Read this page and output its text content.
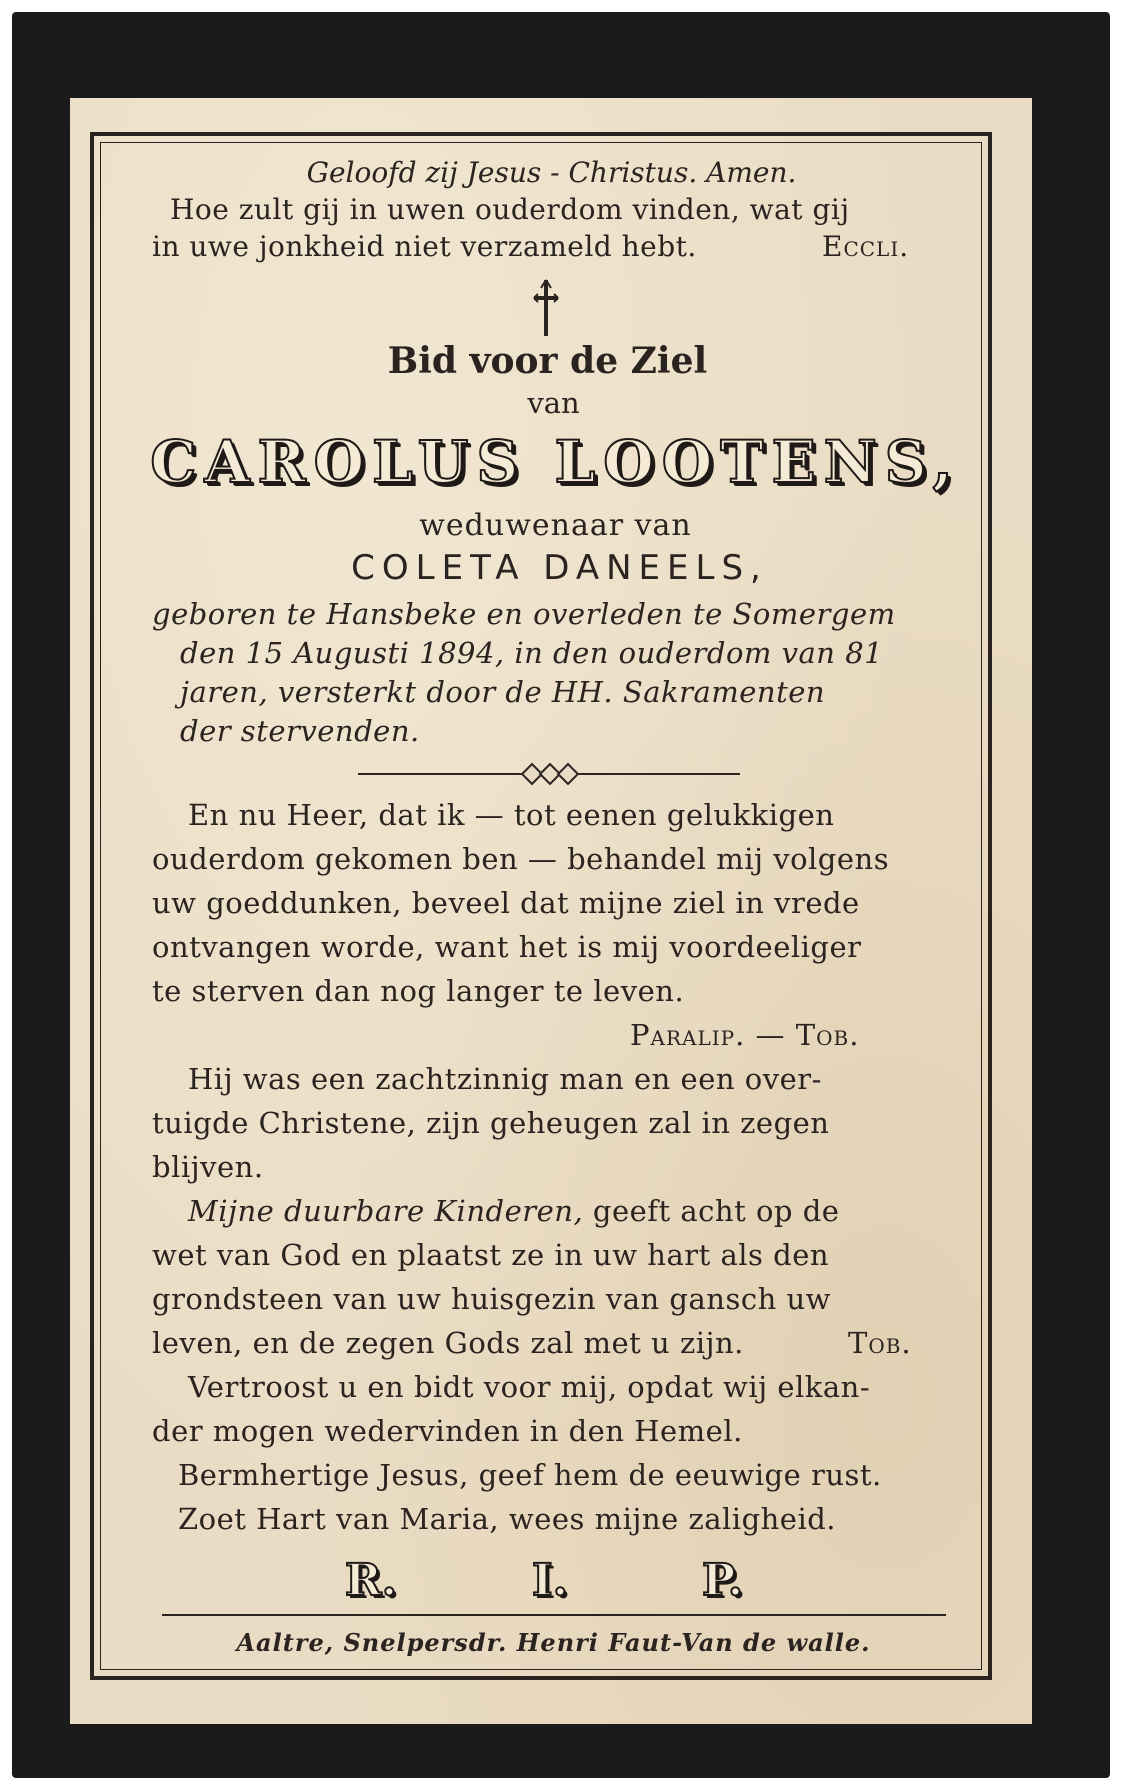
Geloofd zij Jesus - Christus. Amen.
Hoe zult gij in uwen ouderdom vinden, wat gij
in uwe jonkheid niet verzameld hebt.	Eccli.
Bid voor de Ziel
van
CAROLUS LOOTENS,
weduwenaar van
COLETA DANEELS,
geboren te Hansbeke en overleden te Somergem
den 15 Augusti 1894, in den ouderdom van 81
jaren, versterkt door de HH. Sakramenten
der stervenden.
En nu Heer, dat ik — tot eenen gelukkigen
ouderdom gekomen ben — behandel mij volgens
uw goeddunken, beveel dat mijne ziel in vrede
ontvangen worde, want het is mij voordeeliger
te sterven dan nog langer te leven.
Paralip. — Tob.
Hij was een zachtzinnig man en een over-
tuigde Christene, zijn geheugen zal in zegen
blijven.
Mijne duurbare Kinderen, geeft acht op de
wet van God en plaatst ze in uw hart als den
grondsteen van uw huisgezin van gansch uw
leven, en de zegen Gods zal met u zijn.	Tob.
Vertroost u en bidt voor mij, opdat wij elkan-
der mogen wedervinden in den Hemel.
Bermhertige Jesus, geef hem de eeuwige rust.
Zoet Hart van Maria, wees mijne zaligheid.
R.	I.	P.
Aaltre, Snelpersdr. Henri Faut-Van de walle.
